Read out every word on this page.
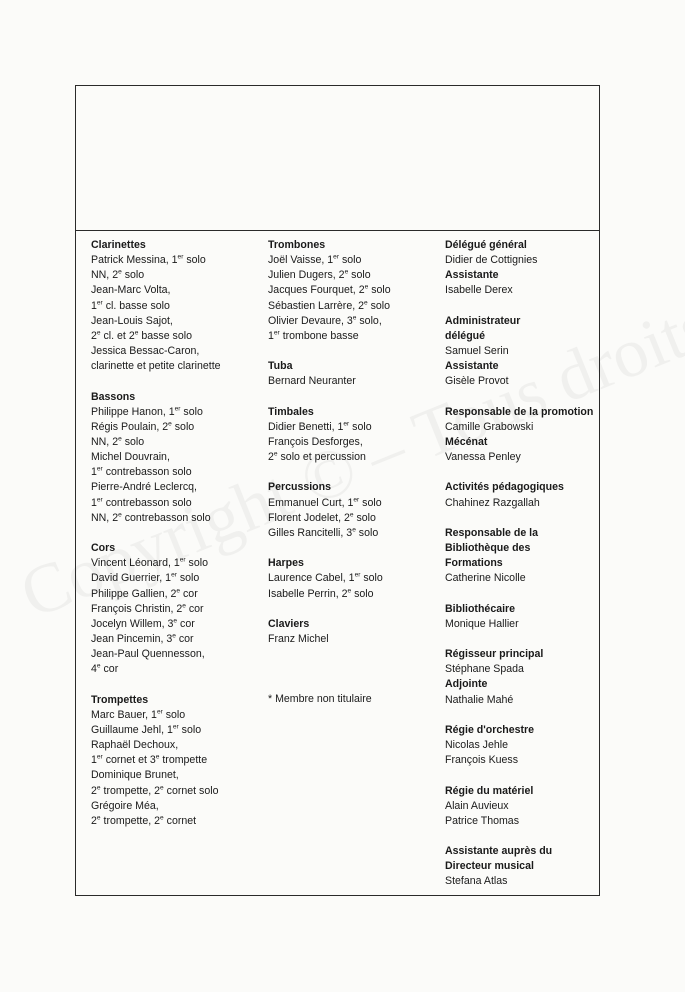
Clarinettes
Patrick Messina, 1er solo
NN, 2e solo
Jean-Marc Volta,
1er cl. basse solo
Jean-Louis Sajot,
2e cl. et 2e basse solo
Jessica Bessac-Caron,
clarinette et petite clarinette
Bassons
Philippe Hanon, 1er solo
Régis Poulain, 2e solo
NN, 2e solo
Michel Douvrain,
1er contrebasson solo
Pierre-André Leclercq,
1er contrebasson solo
NN, 2e contrebasson solo
Cors
Vincent Léonard, 1er solo
David Guerrier, 1er solo
Philippe Gallien, 2e cor
François Christin, 2e cor
Jocelyn Willem, 3e cor
Jean Pincemin, 3e cor
Jean-Paul Quennesson,
4e cor
Trompettes
Marc Bauer, 1er solo
Guillaume Jehl, 1er solo
Raphaël Dechoux,
1er cornet et 3e trompette
Dominique Brunet,
2e trompette, 2e cornet solo
Grégoire Méa,
2e trompette, 2e cornet
Trombones
Joël Vaisse, 1er solo
Julien Dugers, 2e solo
Jacques Fourquet, 2e solo
Sébastien Larrère, 2e solo
Olivier Devaure, 3e solo,
1er trombone basse
Tuba
Bernard Neuranter
Timbales
Didier Benetti, 1er solo
François Desforges,
2e solo et percussion
Percussions
Emmanuel Curt, 1er solo
Florent Jodelet, 2e solo
Gilles Rancitelli, 3e solo
Harpes
Laurence Cabel, 1er solo
Isabelle Perrin, 2e solo
Claviers
Franz Michel
* Membre non titulaire
Délégué général
Didier de Cottignies
Assistante
Isabelle Derex
Administrateur
délégué
Samuel Serin
Assistante
Gisèle Provot
Responsable de la promotion
Camille Grabowski
Mécénat
Vanessa Penley
Activités pédagogiques
Chahinez Razgallah
Responsable de la
Bibliothèque des
Formations
Catherine Nicolle
Bibliothécaire
Monique Hallier
Régisseur principal
Stéphane Spada
Adjointe
Nathalie Mahé
Régie d'orchestre
Nicolas Jehle
François Kuess
Régie du matériel
Alain Auvieux
Patrice Thomas
Assistante auprès du
Directeur musical
Stefana Atlas
